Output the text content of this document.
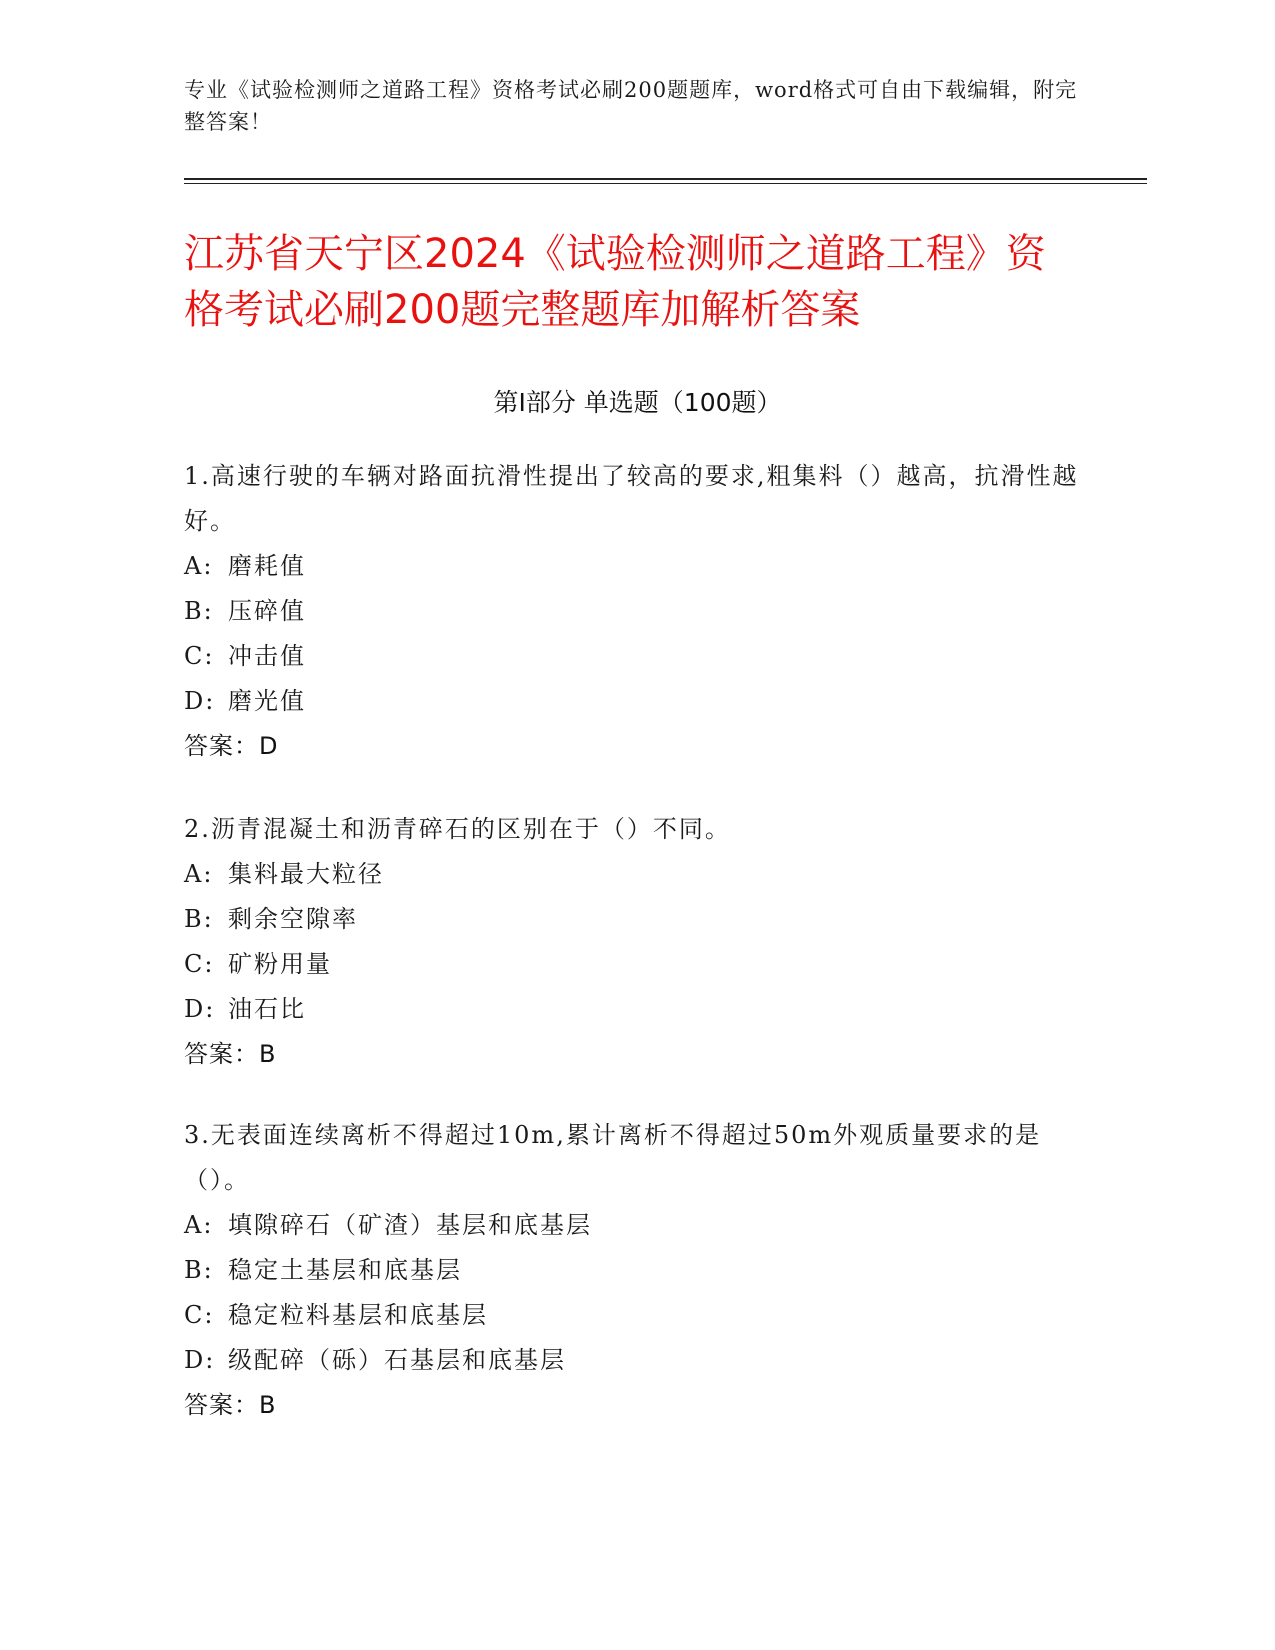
专业《试验检测师之道路工程》资格考试必刷200题题库，word格式可自由下载编辑，附完整答案！
江苏省天宁区2024《试验检测师之道路工程》资格考试必刷200题完整题库加解析答案
第Ⅰ部分 单选题（100题）

1.高速行驶的车辆对路面抗滑性提出了较高的要求,粗集料（）越高，抗滑性越好。

A: 磨耗值

B: 压碎值

C: 冲击值

D: 磨光值

答案：D

2.沥青混凝土和沥青碎石的区别在于（）不同。

A: 集料最大粒径

B: 剩余空隙率

C: 矿粉用量

D: 油石比

答案：B

3.无表面连续离析不得超过10m,累计离析不得超过50m外观质量要求的是（）。

A: 填隙碎石（矿渣）基层和底基层

B: 稳定土基层和底基层

C: 稳定粒料基层和底基层

D: 级配碎（砾）石基层和底基层

答案：B
